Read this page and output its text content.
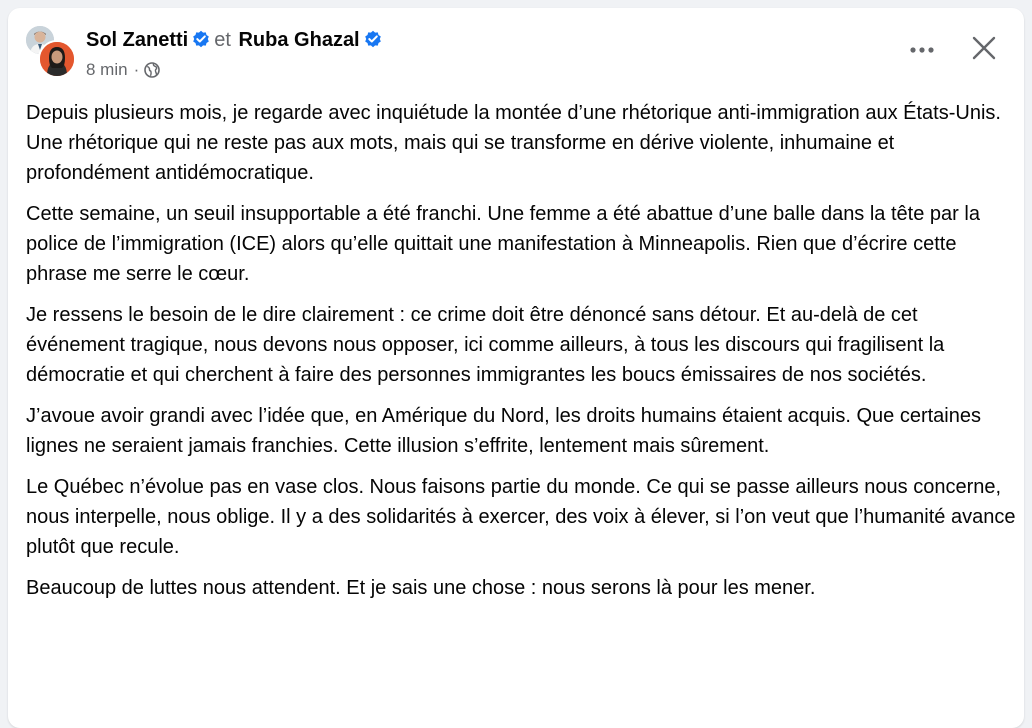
Sol Zanetti et Ruba Ghazal
8 min ·

Depuis plusieurs mois, je regarde avec inquiétude la montée d’une rhétorique anti-immigration aux États-Unis.
Une rhétorique qui ne reste pas aux mots, mais qui se transforme en dérive violente, inhumaine et profondément antidémocratique.

Cette semaine, un seuil insupportable a été franchi. Une femme a été abattue d’une balle dans la tête par la police de l’immigration (ICE) alors qu’elle quittait une manifestation à Minneapolis. Rien que d’écrire cette phrase me serre le cœur.

Je ressens le besoin de le dire clairement : ce crime doit être dénoncé sans détour. Et au-delà de cet événement tragique, nous devons nous opposer, ici comme ailleurs, à tous les discours qui fragilisent la démocratie et qui cherchent à faire des personnes immigrantes les boucs émissaires de nos sociétés.

J’avoue avoir grandi avec l’idée que, en Amérique du Nord, les droits humains étaient acquis. Que certaines lignes ne seraient jamais franchies. Cette illusion s’effrite, lentement mais sûrement.

Le Québec n’évolue pas en vase clos. Nous faisons partie du monde. Ce qui se passe ailleurs nous concerne, nous interpelle, nous oblige. Il y a des solidarités à exercer, des voix à élever, si l’on veut que l’humanité avance plutôt que recule.

Beaucoup de luttes nous attendent. Et je sais une chose : nous serons là pour les mener.
